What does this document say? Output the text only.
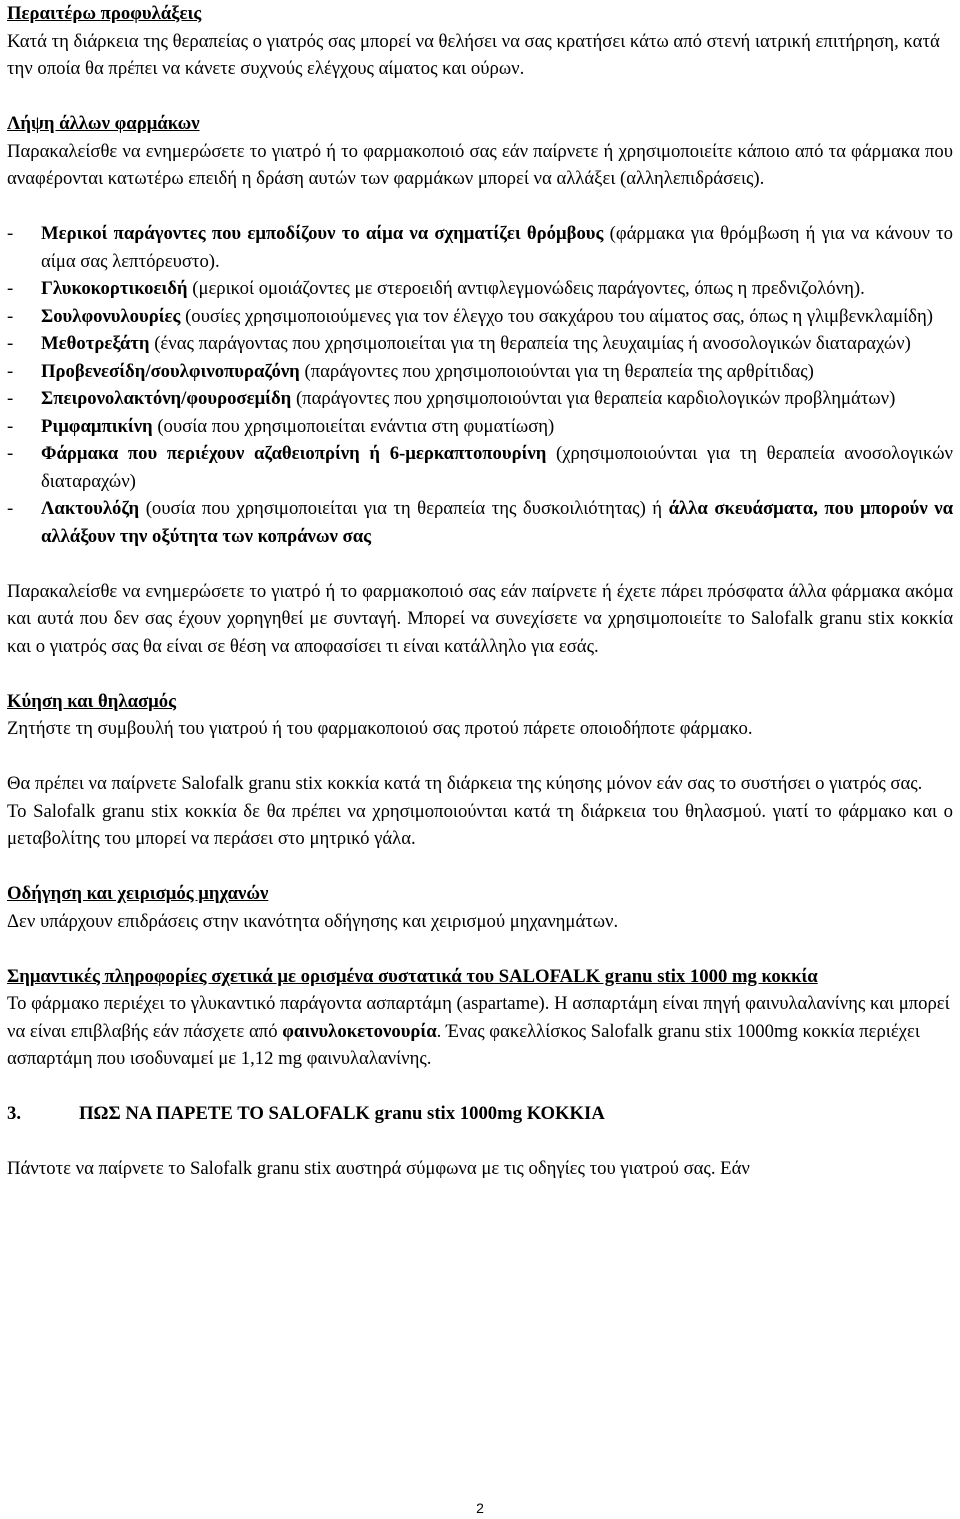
Περαιτέρω προφυλάξεις

Κατά τη διάρκεια της θεραπείας ο γιατρός σας μπορεί να θελήσει να σας κρατήσει κάτω από στενή ιατρική επιτήρηση, κατά την οποία θα πρέπει να κάνετε συχνούς ελέγχους αίματος και ούρων.

Λήψη άλλων φαρμάκων

Παρακαλείσθε να ενημερώσετε το γιατρό ή το φαρμακοποιό σας εάν παίρνετε ή χρησιμοποιείτε κάποιο από τα φάρμακα που αναφέρονται κατωτέρω επειδή η δράση αυτών των φαρμάκων μπορεί να αλλάξει (αλληλεπιδράσεις).

- Μερικοί παράγοντες που εμποδίζουν το αίμα να σχηματίζει θρόμβους (φάρμακα για θρόμβωση ή για να κάνουν το αίμα σας λεπτόρευστο).
- Γλυκοκορτικοειδή (μερικοί ομοιάζοντες με στεροειδή αντιφλεγμονώδεις παράγοντες, όπως η πρεδνιζολόνη).
- Σουλφονυλουρίες (ουσίες χρησιμοποιούμενες για τον έλεγχο του σακχάρου του αίματος σας, όπως η γλιμβενκλαμίδη)
- Μεθοτρεξάτη (ένας παράγοντας που χρησιμοποιείται για τη θεραπεία της λευχαιμίας ή ανοσολογικών διαταραχών)
- Προβενεσίδη/σουλφινοπυραζόνη (παράγοντες που χρησιμοποιούνται για τη θεραπεία της αρθρίτιδας)
- Σπειρονολακτόνη/φουροσεμίδη (παράγοντες που χρησιμοποιούνται για θεραπεία καρδιολογικών προβλημάτων)
- Ριμφαμπικίνη (ουσία που χρησιμοποιείται ενάντια στη φυματίωση)
- Φάρμακα που περιέχουν αζαθειοπρίνη ή 6-μερκαπτοπουρίνη (χρησιμοποιούνται για τη θεραπεία ανοσολογικών διαταραχών)
- Λακτουλόζη (ουσία που χρησιμοποιείται για τη θεραπεία της δυσκοιλιότητας) ή άλλα σκευάσματα, που μπορούν να αλλάξουν την οξύτητα των κοπράνων σας

Παρακαλείσθε να ενημερώσετε το γιατρό ή το φαρμακοποιό σας εάν παίρνετε ή έχετε πάρει πρόσφατα άλλα φάρμακα ακόμα και αυτά που δεν σας έχουν χορηγηθεί με συνταγή. Μπορεί να συνεχίσετε να χρησιμοποιείτε το Salofalk granu stix κοκκία και ο γιατρός σας θα είναι σε θέση να αποφασίσει τι είναι κατάλληλο για εσάς.

Κύηση και θηλασμός

Ζητήστε τη συμβουλή του γιατρού ή του φαρμακοποιού σας προτού πάρετε οποιοδήποτε φάρμακο.

Θα πρέπει να παίρνετε Salofalk granu stix κοκκία κατά τη διάρκεια της κύησης μόνον εάν σας το συστήσει ο γιατρός σας.

Το Salofalk granu stix κοκκία δε θα πρέπει να χρησιμοποιούνται κατά τη διάρκεια του θηλασμού. γιατί το φάρμακο και ο μεταβολίτης του μπορεί να περάσει στο μητρικό γάλα.

Οδήγηση και χειρισμός μηχανών

Δεν υπάρχουν επιδράσεις στην ικανότητα οδήγησης και χειρισμού μηχανημάτων.

Σημαντικές πληροφορίες σχετικά με ορισμένα συστατικά του SALOFALK granu stix 1000 mg κοκκία

Το φάρμακο περιέχει το γλυκαντικό παράγοντα ασπαρτάμη (aspartame). Η ασπαρτάμη είναι πηγή φαινυλαλανίνης και μπορεί να είναι επιβλαβής εάν πάσχετε από φαινυλοκετονουρία. Ένας φακελλίσκος Salofalk granu stix 1000mg κοκκία περιέχει ασπαρτάμη που ισοδυναμεί με 1,12 mg φαινυλαλανίνης.

3.	ΠΩΣ ΝΑ ΠΑΡΕΤΕ ΤΟ SALOFALK granu stix 1000mg ΚΟΚΚΙΑ

Πάντοτε να παίρνετε το Salofalk granu stix αυστηρά σύμφωνα με τις οδηγίες του γιατρού σας. Εάν

2
